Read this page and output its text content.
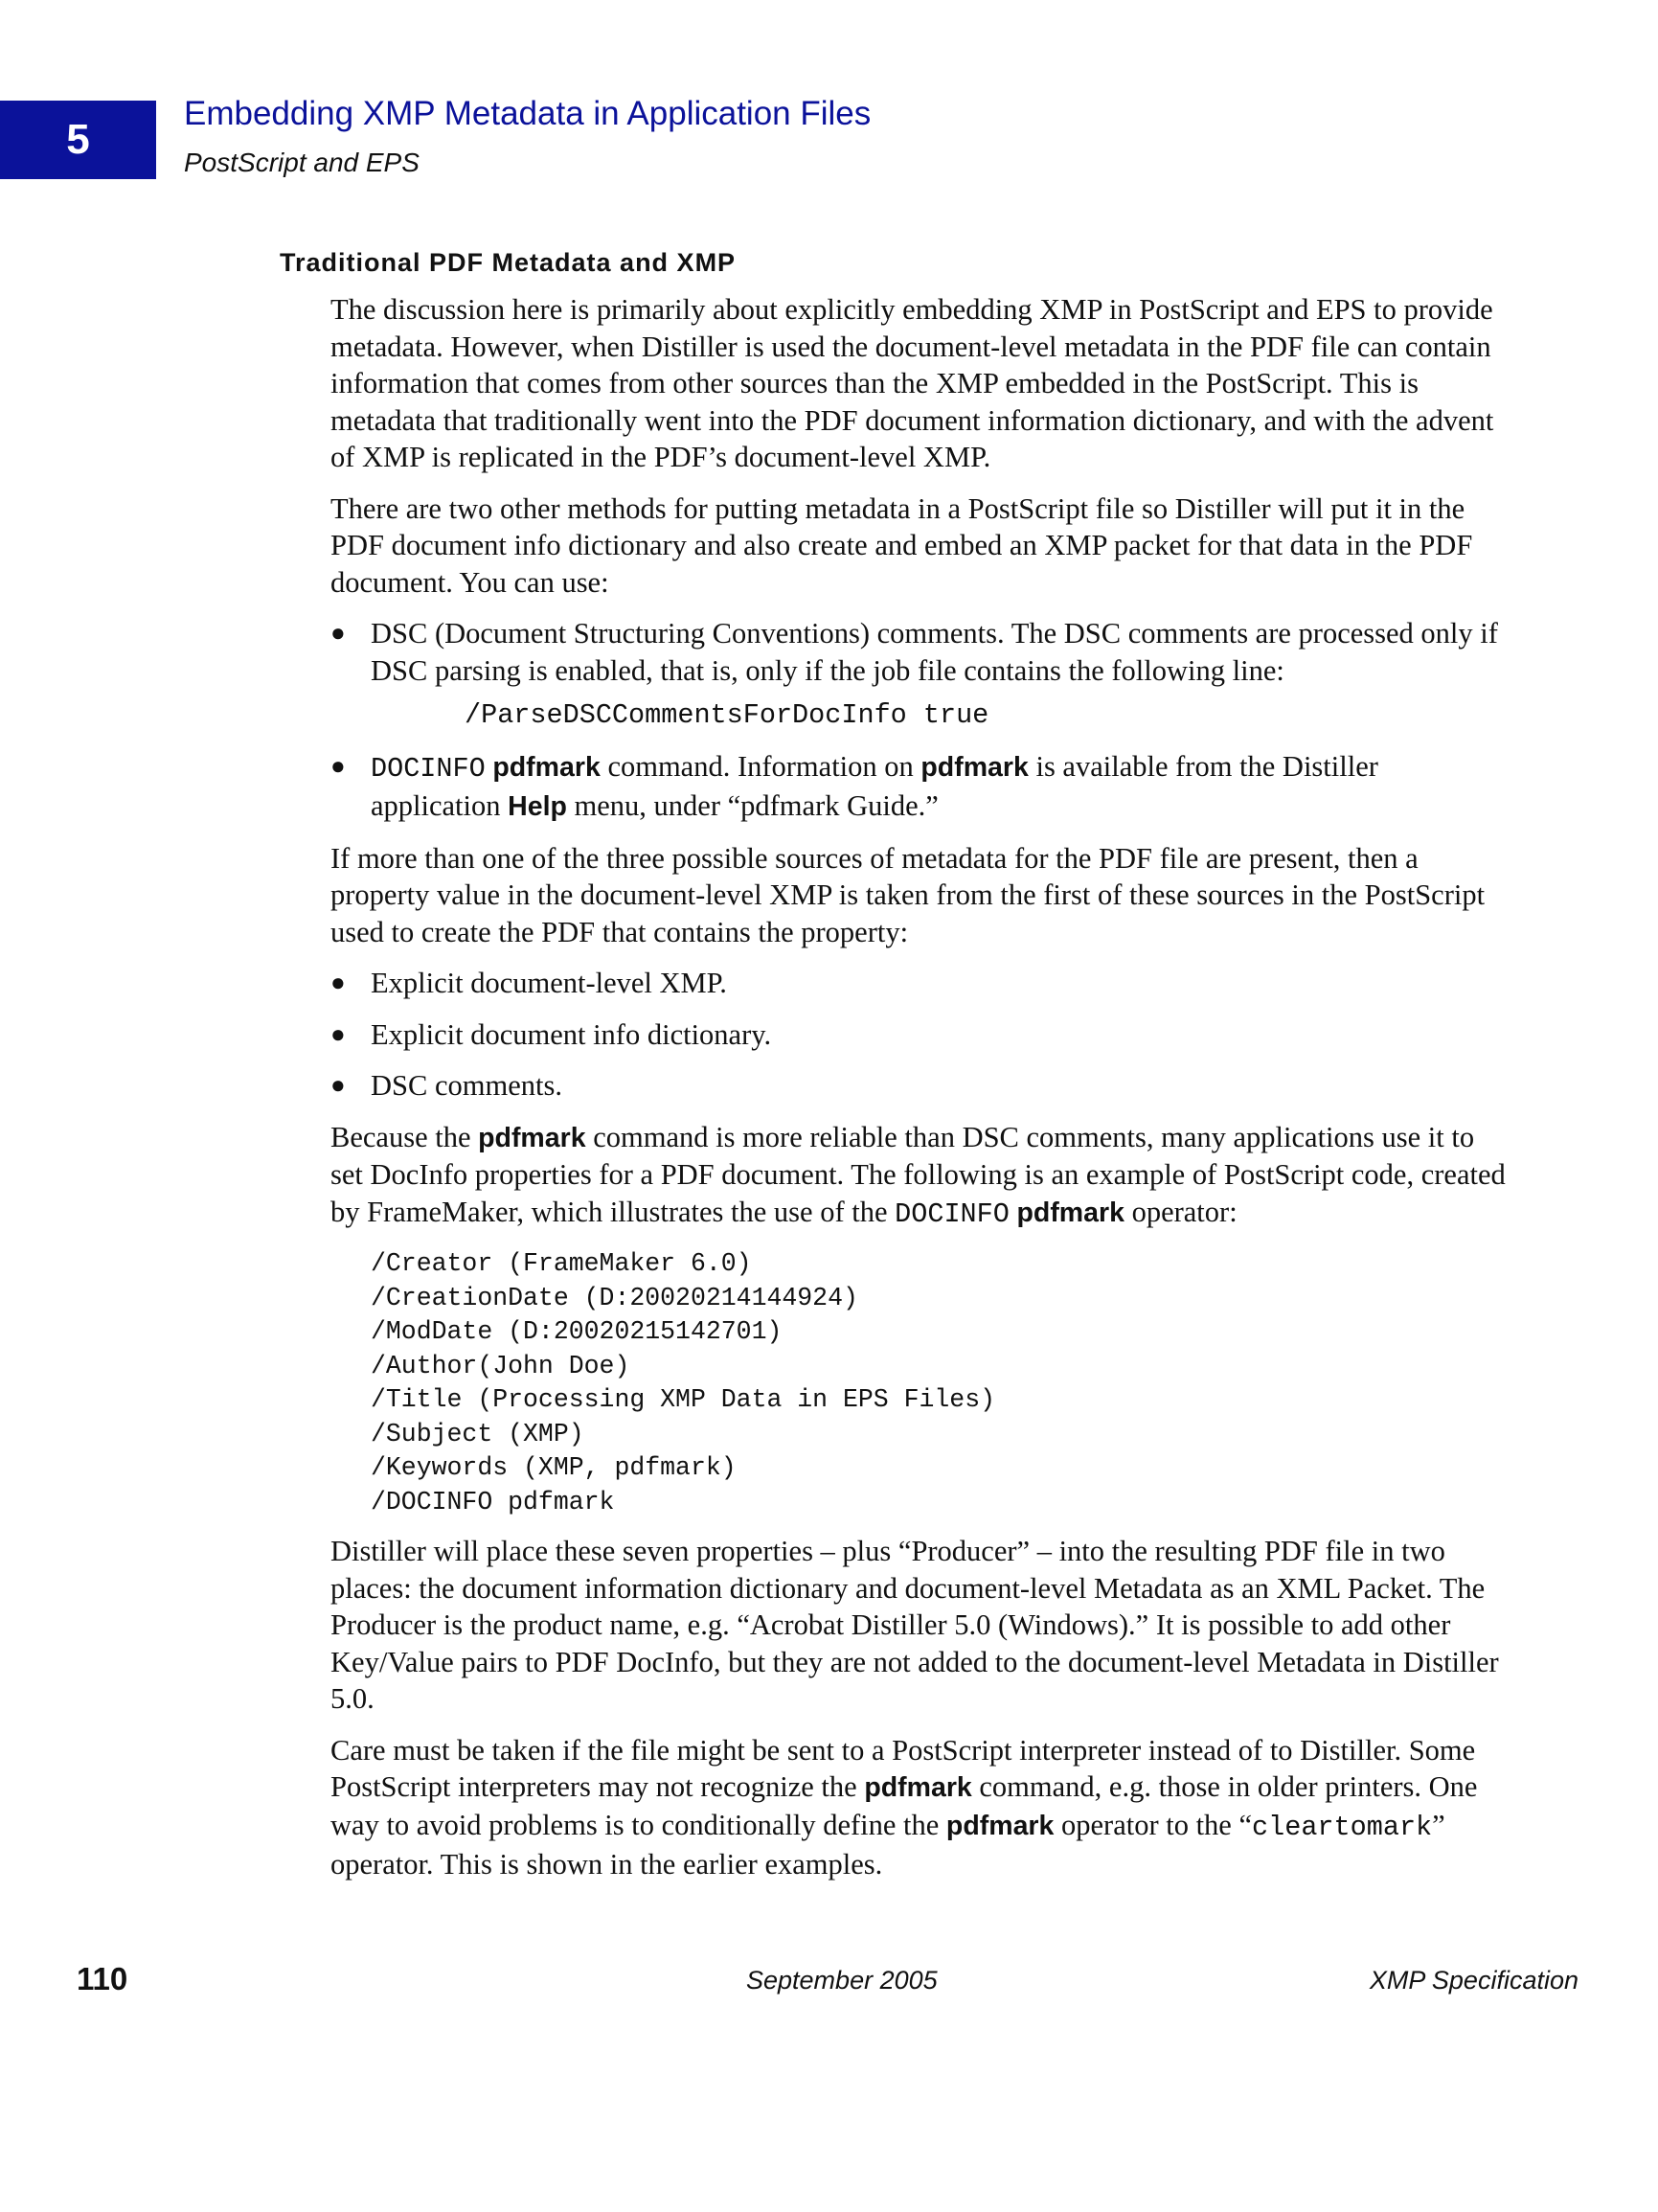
5
Embedding XMP Metadata in Application Files
PostScript and EPS
Traditional PDF Metadata and XMP

The discussion here is primarily about explicitly embedding XMP in PostScript and EPS to provide metadata. However, when Distiller is used the document-level metadata in the PDF file can contain information that comes from other sources than the XMP embedded in the PostScript. This is metadata that traditionally went into the PDF document information dictionary, and with the advent of XMP is replicated in the PDF’s document-level XMP.

There are two other methods for putting metadata in a PostScript file so Distiller will put it in the PDF document info dictionary and also create and embed an XMP packet for that data in the PDF document. You can use:

● DSC (Document Structuring Conventions) comments. The DSC comments are processed only if DSC parsing is enabled, that is, only if the job file contains the following line:
/ParseDSCCommentsForDocInfo true
● DOCINFO pdfmark command. Information on pdfmark is available from the Distiller application Help menu, under “pdfmark Guide.”

If more than one of the three possible sources of metadata for the PDF file are present, then a property value in the document-level XMP is taken from the first of these sources in the PostScript used to create the PDF that contains the property:

● Explicit document-level XMP.
● Explicit document info dictionary.
● DSC comments.

Because the pdfmark command is more reliable than DSC comments, many applications use it to set DocInfo properties for a PDF document. The following is an example of PostScript code, created by FrameMaker, which illustrates the use of the DOCINFO pdfmark operator:

/Creator (FrameMaker 6.0)
/CreationDate (D:20020214144924)
/ModDate (D:20020215142701)
/Author(John Doe)
/Title (Processing XMP Data in EPS Files)
/Subject (XMP)
/Keywords (XMP, pdfmark)
/DOCINFO pdfmark

Distiller will place these seven properties – plus “Producer” – into the resulting PDF file in two places: the document information dictionary and document-level Metadata as an XML Packet. The Producer is the product name, e.g. “Acrobat Distiller 5.0 (Windows).” It is possible to add other Key/Value pairs to PDF DocInfo, but they are not added to the document-level Metadata in Distiller 5.0.

Care must be taken if the file might be sent to a PostScript interpreter instead of to Distiller. Some PostScript interpreters may not recognize the pdfmark command, e.g. those in older printers. One way to avoid problems is to conditionally define the pdfmark operator to the “cleartomark” operator. This is shown in the earlier examples.

110	September 2005	XMP Specification
